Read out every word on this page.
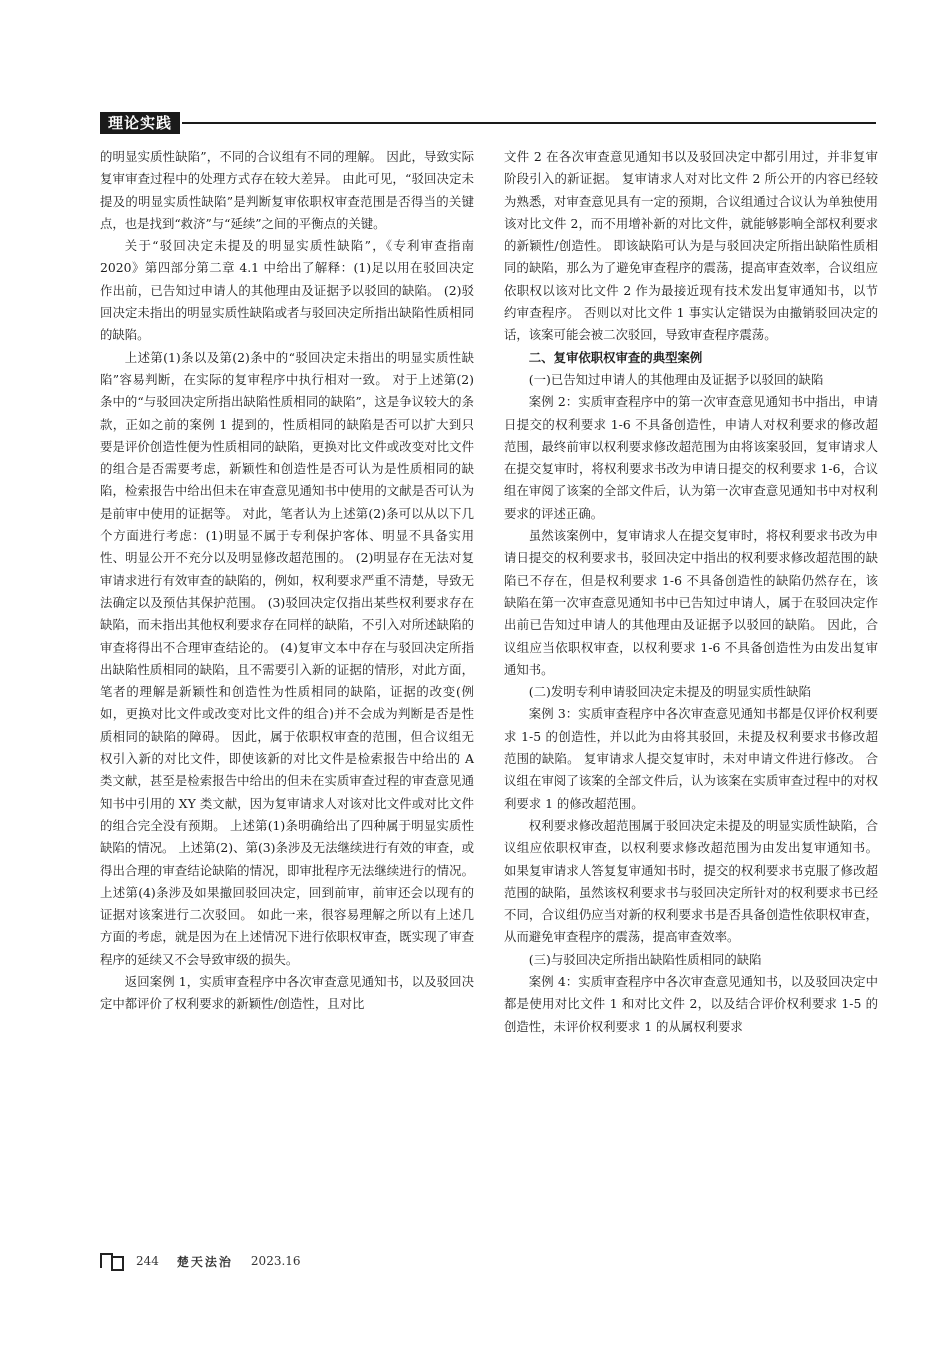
理论实践

的明显实质性缺陷”，不同的合议组有不同的理解。 因此，导致实际复审审查过程中的处理方式存在较大差异。 由此可见，“驳回决定未提及的明显实质性缺陷”是判断复审依职权审查范围是否得当的关键点，也是找到“救济”与“延续”之间的平衡点的关键。

关于“驳回决定未提及的明显实质性缺陷”，《专利审查指南 2020》第四部分第二章 4.1 中给出了解释：(1)足以用在驳回决定作出前，已告知过申请人的其他理由及证据予以驳回的缺陷。 (2)驳回决定未指出的明显实质性缺陷或者与驳回决定所指出缺陷性质相同的缺陷。

上述第(1)条以及第(2)条中的“驳回决定未指出的明显实质性缺陷”容易判断，在实际的复审程序中执行相对一致。 对于上述第(2)条中的“与驳回决定所指出缺陷性质相同的缺陷”，这是争议较大的条款，正如之前的案例 1 提到的，性质相同的缺陷是否可以扩大到只要是评价创造性便为性质相同的缺陷，更换对比文件或改变对比文件的组合是否需要考虑，新颖性和创造性是否可认为是性质相同的缺陷，检索报告中给出但未在审查意见通知书中使用的文献是否可认为是前审中使用的证据等。 对此，笔者认为上述第(2)条可以从以下几个方面进行考虑：(1)明显不属于专利保护客体、明显不具备实用性、明显公开不充分以及明显修改超范围的。 (2)明显存在无法对复审请求进行有效审查的缺陷的，例如，权利要求严重不清楚，导致无法确定以及预估其保护范围。 (3)驳回决定仅指出某些权利要求存在缺陷，而未指出其他权利要求存在同样的缺陷，不引入对所述缺陷的审查将得出不合理审查结论的。 (4)复审文本中存在与驳回决定所指出缺陷性质相同的缺陷，且不需要引入新的证据的情形，对此方面，笔者的理解是新颖性和创造性为性质相同的缺陷，证据的改变(例如，更换对比文件或改变对比文件的组合)并不会成为判断是否是性质相同的缺陷的障碍。 因此，属于依职权审查的范围，但合议组无权引入新的对比文件，即使该新的对比文件是检索报告中给出的 A 类文献，甚至是检索报告中给出的但未在实质审查过程的审查意见通知书中引用的 XY 类文献，因为复审请求人对该对比文件或对比文件的组合完全没有预期。 上述第(1)条明确给出了四种属于明显实质性缺陷的情况。 上述第(2)、第(3)条涉及无法继续进行有效的审查，或得出合理的审查结论缺陷的情况，即审批程序无法继续进行的情况。 上述第(4)条涉及如果撤回驳回决定，回到前审，前审还会以现有的证据对该案进行二次驳回。 如此一来，很容易理解之所以有上述几方面的考虑，就是因为在上述情况下进行依职权审查，既实现了审查程序的延续又不会导致审级的损失。

返回案例 1，实质审查程序中各次审查意见通知书，以及驳回决定中都评价了权利要求的新颖性/创造性，且对比

文件 2 在各次审查意见通知书以及驳回决定中都引用过，并非复审阶段引入的新证据。 复审请求人对对比文件 2 所公开的内容已经较为熟悉，对审查意见具有一定的预期，合议组通过合议认为单独使用该对比文件 2，而不用增补新的对比文件，就能够影响全部权利要求的新颖性/创造性。 即该缺陷可认为是与驳回决定所指出缺陷性质相同的缺陷，那么为了避免审查程序的震荡，提高审查效率，合议组应依职权以该对比文件 2 作为最接近现有技术发出复审通知书，以节约审查程序。 否则以对比文件 1 事实认定错误为由撤销驳回决定的话，该案可能会被二次驳回，导致审查程序震荡。

二、复审依职权审查的典型案例

(一)已告知过申请人的其他理由及证据予以驳回的缺陷

案例 2：实质审查程序中的第一次审查意见通知书中指出，申请日提交的权利要求 1-6 不具备创造性，申请人对权利要求的修改超范围，最终前审以权利要求修改超范围为由将该案驳回，复审请求人在提交复审时，将权利要求书改为申请日提交的权利要求 1-6，合议组在审阅了该案的全部文件后，认为第一次审查意见通知书中对权利要求的评述正确。

虽然该案例中，复审请求人在提交复审时，将权利要求书改为申请日提交的权利要求书，驳回决定中指出的权利要求修改超范围的缺陷已不存在，但是权利要求 1-6 不具备创造性的缺陷仍然存在，该缺陷在第一次审查意见通知书中已告知过申请人，属于在驳回决定作出前已告知过申请人的其他理由及证据予以驳回的缺陷。 因此，合议组应当依职权审查，以权利要求 1-6 不具备创造性为由发出复审通知书。

(二)发明专利申请驳回决定未提及的明显实质性缺陷

案例 3：实质审查程序中各次审查意见通知书都是仅评价权利要求 1-5 的创造性，并以此为由将其驳回，未提及权利要求书修改超范围的缺陷。 复审请求人提交复审时，未对申请文件进行修改。 合议组在审阅了该案的全部文件后，认为该案在实质审查过程中的对权利要求 1 的修改超范围。

权利要求修改超范围属于驳回决定未提及的明显实质性缺陷，合议组应依职权审查，以权利要求修改超范围为由发出复审通知书。 如果复审请求人答复复审通知书时，提交的权利要求书克服了修改超范围的缺陷，虽然该权利要求书与驳回决定所针对的权利要求书已经不同，合议组仍应当对新的权利要求书是否具备创造性依职权审查，从而避免审查程序的震荡，提高审查效率。

(三)与驳回决定所指出缺陷性质相同的缺陷

案例 4：实质审查程序中各次审查意见通知书，以及驳回决定中都是使用对比文件 1 和对比文件 2，以及结合评价权利要求 1-5 的创造性，未评价权利要求 1 的从属权利要求

244 楚天法治 2023.16
